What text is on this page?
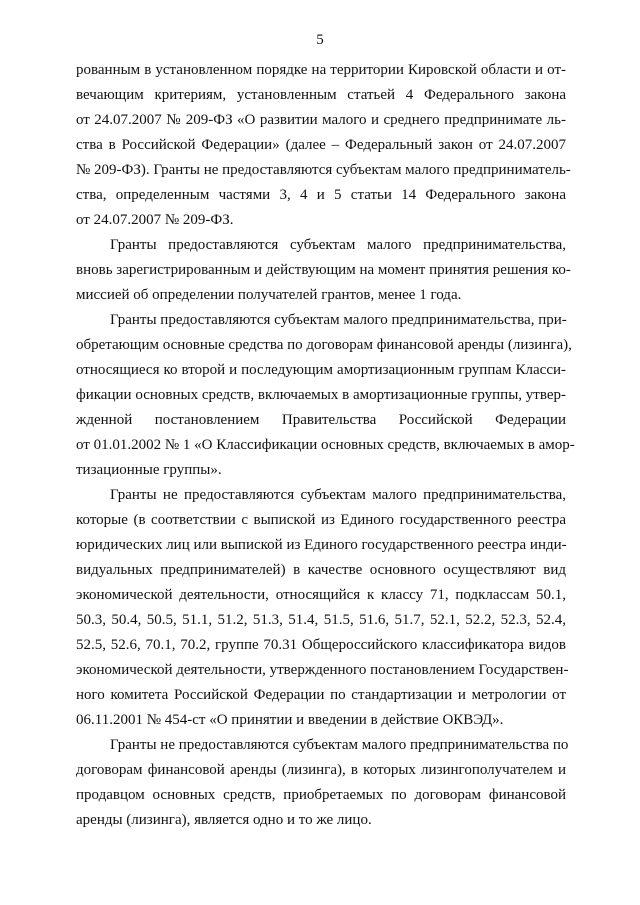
5
рованным в установленном порядке на территории Кировской области и от-
вечающим критериям, установленным статьей 4 Федерального закона
от 24.07.2007 № 209-ФЗ «О развитии малого и среднего предпринимате ль-
ства в Российской Федерации» (далее – Федеральный закон от 24.07.2007
№ 209-ФЗ). Гранты не предоставляются субъектам малого предприниматель-
ства, определенным частями 3, 4 и 5 статьи 14 Федерального закона
от 24.07.2007 № 209-ФЗ.
Гранты предоставляются субъектам малого предпринимательства,
вновь зарегистрированным и действующим на момент принятия решения ко-
миссией об определении получателей грантов, менее 1 года.
Гранты предоставляются субъектам малого предпринимательства, при-
обретающим основные средства по договорам финансовой аренды (лизинга),
относящиеся ко второй и последующим амортизационным группам Класси-
фикации основных средств, включаемых в амортизационные группы, утвер-
жденной постановлением Правительства Российской Федерации
от 01.01.2002 № 1 «О Классификации основных средств, включаемых в амор-
тизационные группы».
Гранты не предоставляются субъектам малого предпринимательства,
которые (в соответствии с выпиской из Единого государственного реестра
юридических лиц или выпиской из Единого государственного реестра инди-
видуальных предпринимателей) в качестве основного осуществляют вид
экономической деятельности, относящийся к классу 71, подклассам 50.1,
50.3, 50.4, 50.5, 51.1, 51.2, 51.3, 51.4, 51.5, 51.6, 51.7, 52.1, 52.2, 52.3, 52.4,
52.5, 52.6, 70.1, 70.2, группе 70.31 Общероссийского классификатора видов
экономической деятельности, утвержденного постановлением Государствен-
ного комитета Российской Федерации по стандартизации и метрологии от
06.11.2001 № 454-ст «О принятии и введении в действие ОКВЭД».
Гранты не предоставляются субъектам малого предпринимательства по
договорам финансовой аренды (лизинга), в которых лизингополучателем и
продавцом основных средств, приобретаемых по договорам финансовой
аренды (лизинга), является одно и то же лицо.
